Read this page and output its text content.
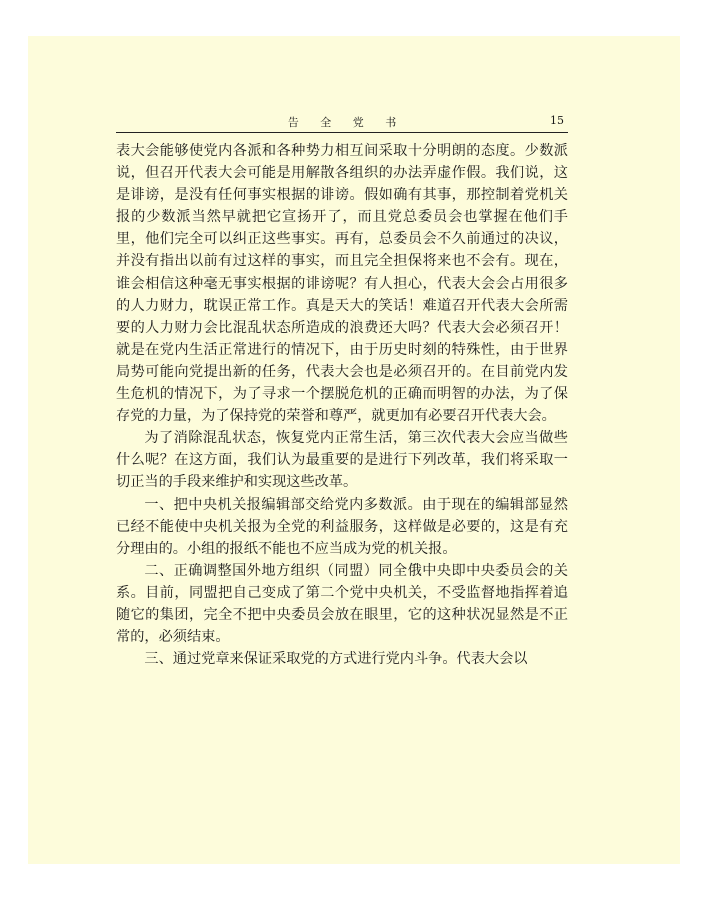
告 全 党 书	15

表大会能够使党内各派和各种势力相互间采取十分明朗的态度。少数派说，但召开代表大会可能是用解散各组织的办法弄虚作假。我们说，这是诽谤，是没有任何事实根据的诽谤。假如确有其事，那控制着党机关报的少数派当然早就把它宣扬开了，而且党总委员会也掌握在他们手里，他们完全可以纠正这些事实。再有，总委员会不久前通过的决议，并没有指出以前有过这样的事实，而且完全担保将来也不会有。现在，谁会相信这种毫无事实根据的诽谤呢？有人担心，代表大会会占用很多的人力财力，耽误正常工作。真是天大的笑话！难道召开代表大会所需要的人力财力会比混乱状态所造成的浪费还大吗？代表大会必须召开！就是在党内生活正常进行的情况下，由于历史时刻的特殊性，由于世界局势可能向党提出新的任务，代表大会也是必须召开的。在目前党内发生危机的情况下，为了寻求一个摆脱危机的正确而明智的办法，为了保存党的力量，为了保持党的荣誉和尊严，就更加有必要召开代表大会。

为了消除混乱状态，恢复党内正常生活，第三次代表大会应当做些什么呢？在这方面，我们认为最重要的是进行下列改革，我们将采取一切正当的手段来维护和实现这些改革。

一、把中央机关报编辑部交给党内多数派。由于现在的编辑部显然已经不能使中央机关报为全党的利益服务，这样做是必要的，这是有充分理由的。小组的报纸不能也不应当成为党的机关报。

二、正确调整国外地方组织（同盟）同全俄中央即中央委员会的关系。目前，同盟把自己变成了第二个党中央机关，不受监督地指挥着追随它的集团，完全不把中央委员会放在眼里，它的这种状况显然是不正常的，必须结束。

三、通过党章来保证采取党的方式进行党内斗争。代表大会以
